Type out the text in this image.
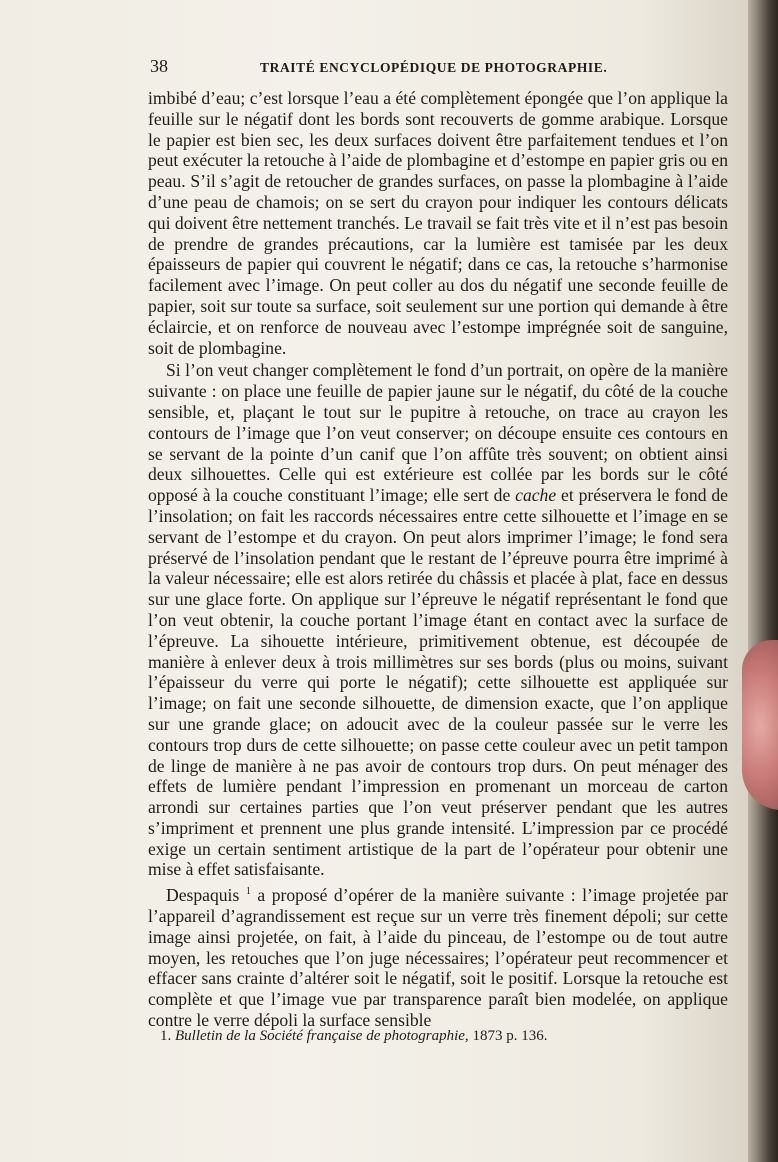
38	TRAITÉ ENCYCLOPÉDIQUE DE PHOTOGRAPHIE.

imbibé d’eau; c’est lorsque l’eau a été complètement épongée que l’on applique la feuille sur le négatif dont les bords sont recouverts de gomme arabique. Lorsque le papier est bien sec, les deux surfaces doivent être parfaitement tendues et l’on peut exécuter la retouche à l’aide de plombagine et d’estompe en papier gris ou en peau. S’il s’agit de retoucher de grandes surfaces, on passe la plombagine à l’aide d’une peau de chamois; on se sert du crayon pour indiquer les contours délicats qui doivent être nettement tranchés. Le travail se fait très vite et il n’est pas besoin de prendre de grandes précautions, car la lumière est tamisée par les deux épaisseurs de papier qui couvrent le négatif; dans ce cas, la retouche s’harmonise facilement avec l’image. On peut coller au dos du négatif une seconde feuille de papier, soit sur toute sa surface, soit seulement sur une portion qui demande à être éclaircie, et on renforce de nouveau avec l’estompe imprégnée soit de sanguine, soit de plombagine.

Si l’on veut changer complètement le fond d’un portrait, on opère de la manière suivante : on place une feuille de papier jaune sur le négatif, du côté de la couche sensible, et, plaçant le tout sur le pupitre à retouche, on trace au crayon les contours de l’image que l’on veut conserver; on découpe ensuite ces contours en se servant de la pointe d’un canif que l’on affûte très souvent; on obtient ainsi deux silhouettes. Celle qui est extérieure est collée par les bords sur le côté opposé à la couche constituant l’image; elle sert de cache et préservera le fond de l’insolation; on fait les raccords nécessaires entre cette silhouette et l’image en se servant de l’estompe et du crayon. On peut alors imprimer l’image; le fond sera préservé de l’insolation pendant que le restant de l’épreuve pourra être imprimé à la valeur nécessaire; elle est alors retirée du châssis et placée à plat, face en dessus sur une glace forte. On applique sur l’épreuve le négatif représentant le fond que l’on veut obtenir, la couche portant l’image étant en contact avec la surface de l’épreuve. La sihouette intérieure, primitivement obtenue, est découpée de manière à enlever deux à trois millimètres sur ses bords (plus ou moins, suivant l’épaisseur du verre qui porte le négatif); cette silhouette est appliquée sur l’image; on fait une seconde silhouette, de dimension exacte, que l’on applique sur une grande glace; on adoucit avec de la couleur passée sur le verre les contours trop durs de cette silhouette; on passe cette couleur avec un petit tampon de linge de manière à ne pas avoir de contours trop durs. On peut ménager des effets de lumière pendant l’impression en promenant un morceau de carton arrondi sur certaines parties que l’on veut préserver pendant que les autres s’impriment et prennent une plus grande intensité. L’impression par ce procédé exige un certain sentiment artistique de la part de l’opérateur pour obtenir une mise à effet satisfaisante.

Despaquis $^1$ a proposé d’opérer de la manière suivante : l’image projetée par l’appareil d’agrandissement est reçue sur un verre très finement dépoli; sur cette image ainsi projetée, on fait, à l’aide du pinceau, de l’estompe ou de tout autre moyen, les retouches que l’on juge nécessaires; l’opérateur peut recommencer et effacer sans crainte d’altérer soit le négatif, soit le positif. Lorsque la retouche est complète et que l’image vue par transparence paraît bien modelée, on applique contre le verre dépoli la surface sensible

1. Bulletin de la Société française de photographie, 1873 p. 136.
